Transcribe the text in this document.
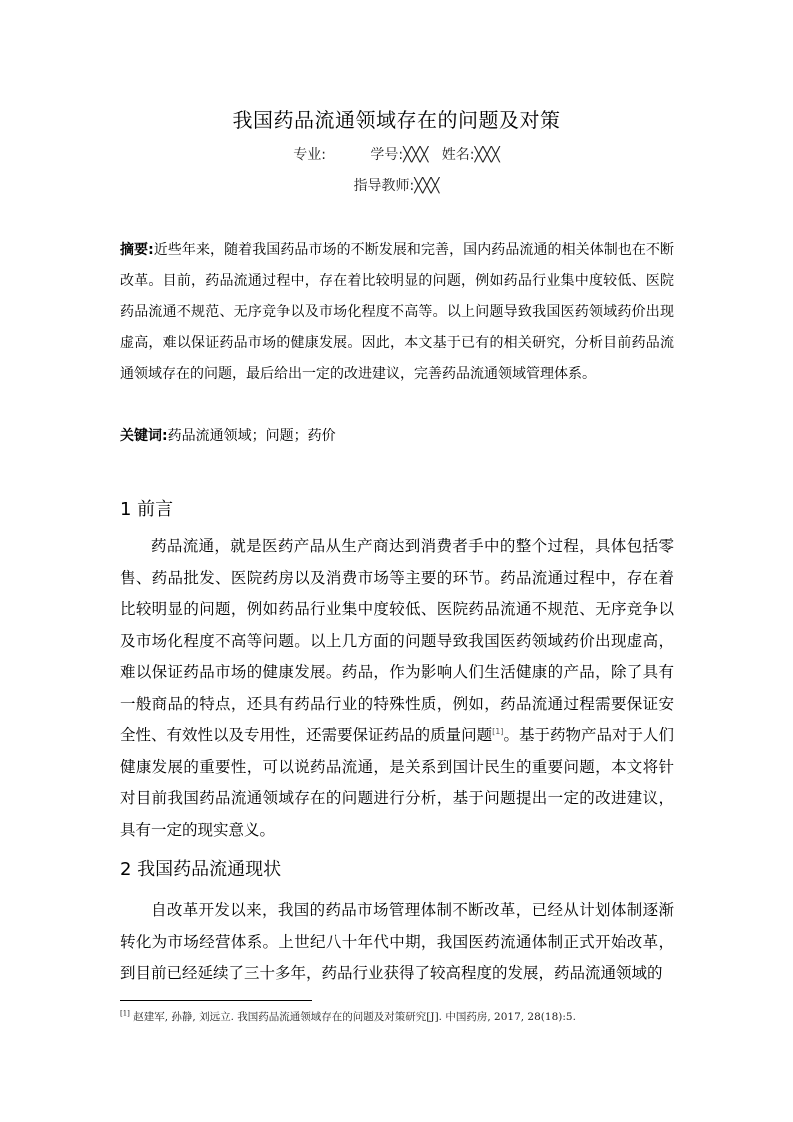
我国药品流通领域存在的问题及对策
专业:          学号:╳╳╳   姓名:╳╳╳
指导教师:╳╳╳
摘要:近些年来，随着我国药品市场的不断发展和完善，国内药品流通的相关体制也在不断改革。目前，药品流通过程中，存在着比较明显的问题，例如药品行业集中度较低、医院药品流通不规范、无序竞争以及市场化程度不高等。以上问题导致我国医药领域药价出现虚高，难以保证药品市场的健康发展。因此，本文基于已有的相关研究，分析目前药品流通领域存在的问题，最后给出一定的改进建议，完善药品流通领域管理体系。
关键词:药品流通领域；问题；药价
1 前言
药品流通，就是医药产品从生产商达到消费者手中的整个过程，具体包括零售、药品批发、医院药房以及消费市场等主要的环节。药品流通过程中，存在着比较明显的问题，例如药品行业集中度较低、医院药品流通不规范、无序竞争以及市场化程度不高等问题。以上几方面的问题导致我国医药领域药价出现虚高，难以保证药品市场的健康发展。药品，作为影响人们生活健康的产品，除了具有一般商品的特点，还具有药品行业的特殊性质，例如，药品流通过程需要保证安全性、有效性以及专用性，还需要保证药品的质量问题[1]。基于药物产品对于人们健康发展的重要性，可以说药品流通，是关系到国计民生的重要问题，本文将针对目前我国药品流通领域存在的问题进行分析，基于问题提出一定的改进建议，具有一定的现实意义。
2 我国药品流通现状
自改革开发以来，我国的药品市场管理体制不断改革，已经从计划体制逐渐转化为市场经营体系。上世纪八十年代中期，我国医药流通体制正式开始改革，到目前已经延续了三十多年，药品行业获得了较高程度的发展，药品流通领域的
[1] 赵建军, 孙静, 刘远立. 我国药品流通领域存在的问题及对策研究[J]. 中国药房, 2017, 28(18):5.
